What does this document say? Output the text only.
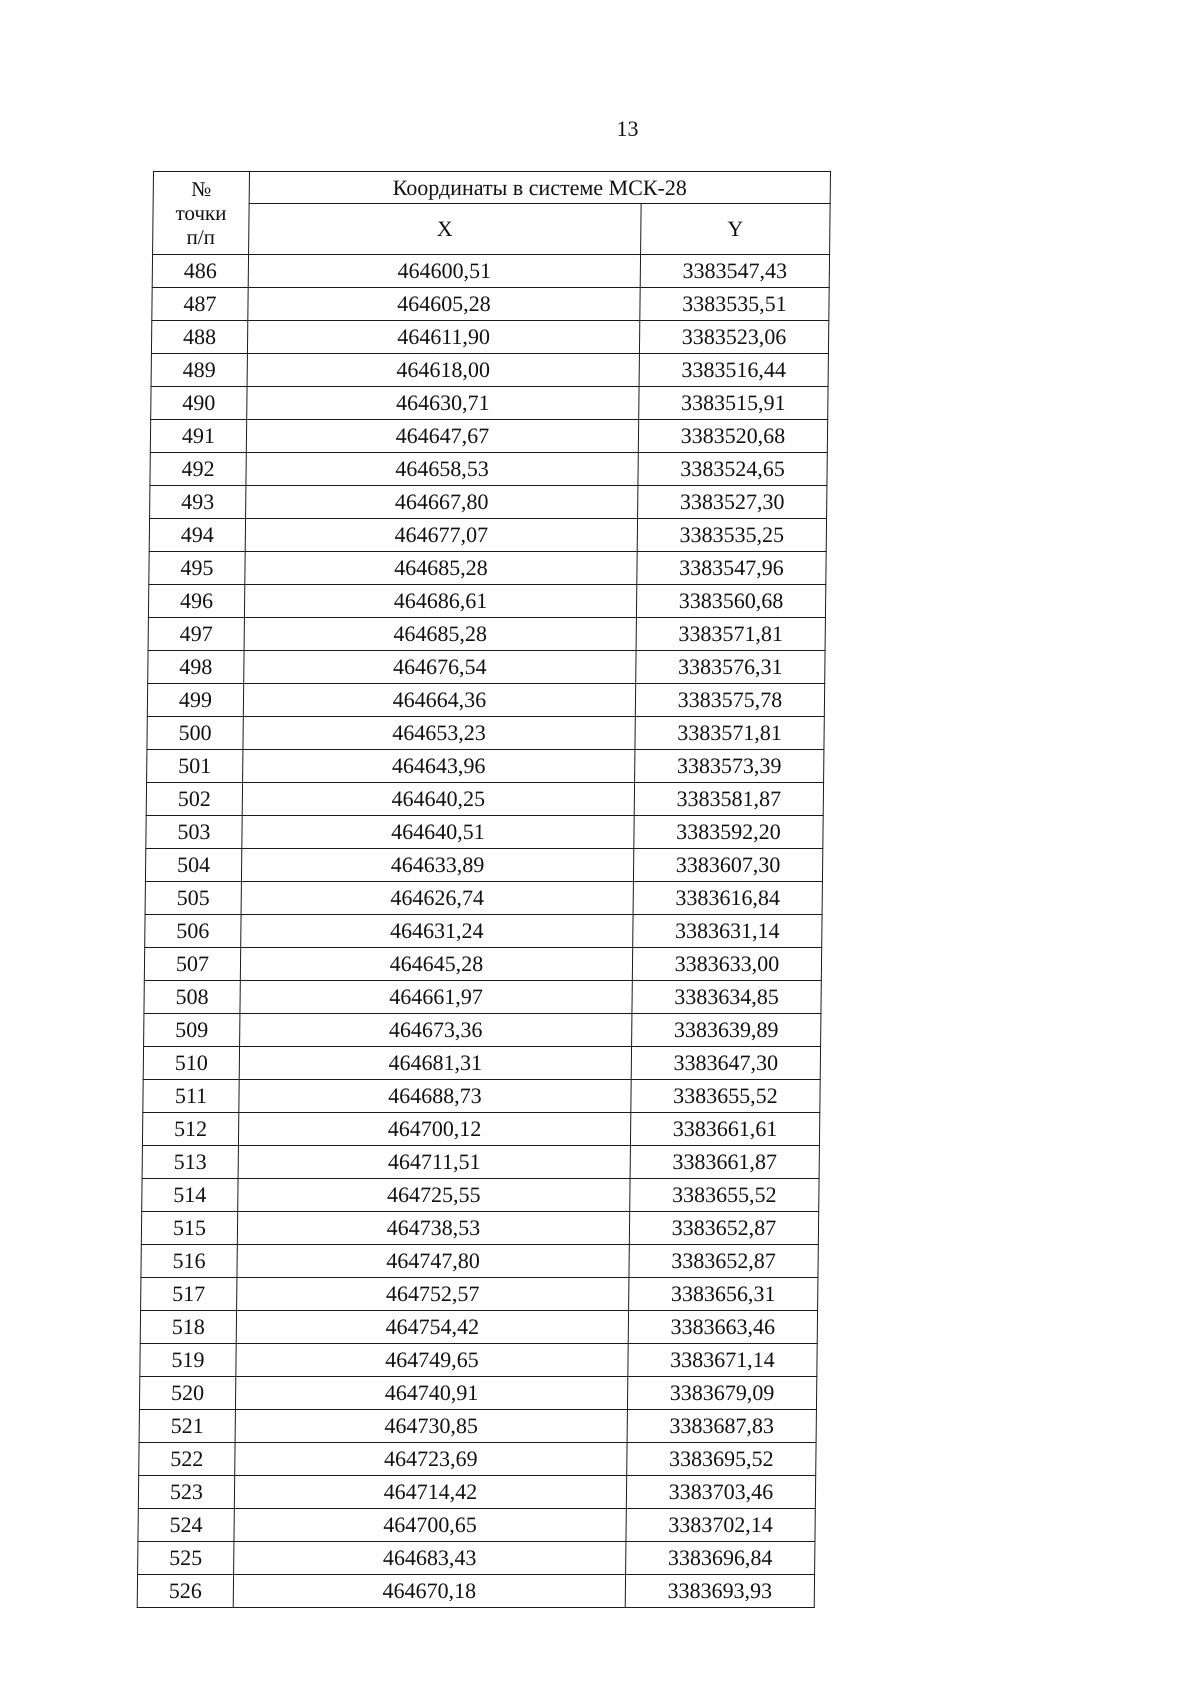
13
№
точки
п/п	Координаты в системе МСК-28	
	X	Y
486	464600,51	3383547,43
487	464605,28	3383535,51
488	464611,90	3383523,06
489	464618,00	3383516,44
490	464630,71	3383515,91
491	464647,67	3383520,68
492	464658,53	3383524,65
493	464667,80	3383527,30
494	464677,07	3383535,25
495	464685,28	3383547,96
496	464686,61	3383560,68
497	464685,28	3383571,81
498	464676,54	3383576,31
499	464664,36	3383575,78
500	464653,23	3383571,81
501	464643,96	3383573,39
502	464640,25	3383581,87
503	464640,51	3383592,20
504	464633,89	3383607,30
505	464626,74	3383616,84
506	464631,24	3383631,14
507	464645,28	3383633,00
508	464661,97	3383634,85
509	464673,36	3383639,89
510	464681,31	3383647,30
511	464688,73	3383655,52
512	464700,12	3383661,61
513	464711,51	3383661,87
514	464725,55	3383655,52
515	464738,53	3383652,87
516	464747,80	3383652,87
517	464752,57	3383656,31
518	464754,42	3383663,46
519	464749,65	3383671,14
520	464740,91	3383679,09
521	464730,85	3383687,83
522	464723,69	3383695,52
523	464714,42	3383703,46
524	464700,65	3383702,14
525	464683,43	3383696,84
526	464670,18	3383693,93
